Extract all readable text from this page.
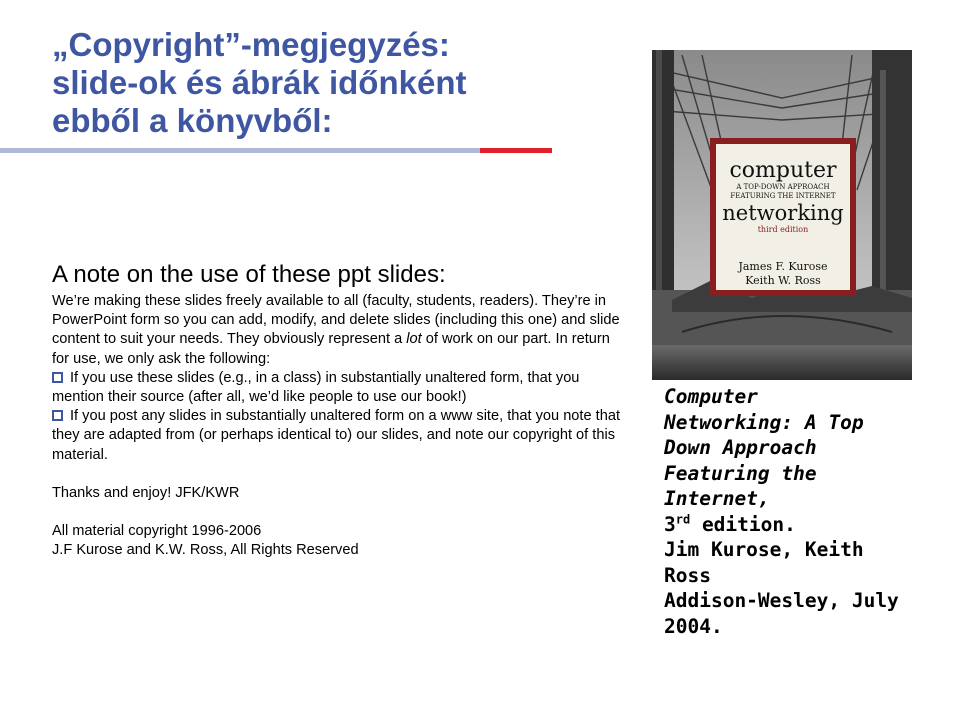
„Copyright”-megjegyzés:
slide-ok és ábrák időnként
ebből a könyvből:
A note on the use of these ppt slides:
We’re making these slides freely available to all (faculty, students, readers). They’re in PowerPoint form so you can add, modify, and delete slides (including this one) and slide content to suit your needs. They obviously represent a lot of work on our part. In return for use, we only ask the following:
If you use these slides (e.g., in a class) in substantially unaltered form, that you mention their source (after all, we’d like people to use our book!)
If you post any slides in substantially unaltered form on a www site, that you note that they are adapted from (or perhaps identical to) our slides, and note our copyright of this material.
Thanks and enjoy! JFK/KWR
All material copyright 1996-2006
J.F Kurose and K.W. Ross, All Rights Reserved
computer
A TOP-DOWN APPROACH
FEATURING THE INTERNET
networking
third edition
James F. Kurose
Keith W. Ross
Computer
Networking: A Top
Down Approach
Featuring the
Internet,
3rd edition.
Jim Kurose, Keith
Ross
Addison-Wesley, July
2004.
